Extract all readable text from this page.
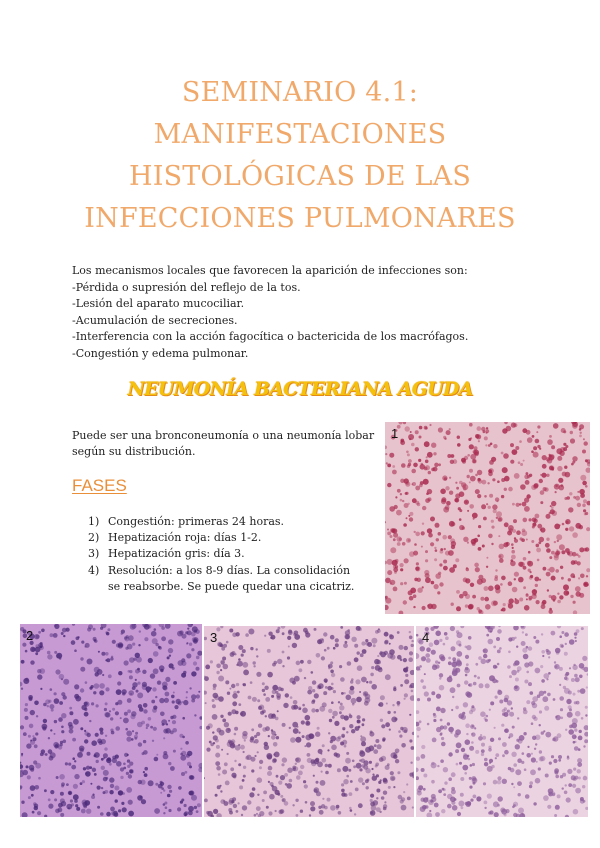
SEMINARIO 4.1:
MANIFESTACIONES
HISTOLÓGICAS DE LAS
INFECCIONES PULMONARES
Los mecanismos locales que favorecen la aparición de infecciones son:
-Pérdida o supresión del reflejo de la tos.
-Lesión del aparato mucociliar.
-Acumulación de secreciones.
-Interferencia con la acción fagocítica o bactericida de los macrófagos.
-Congestión y edema pulmonar.
NEUMONÍA BACTERIANA AGUDA
Puede ser una bronconeumonía o una neumonía lobar
según su distribución.
FASES
1) Congestión: primeras 24 horas.
2) Hepatización roja: días 1-2.
3) Hepatización gris: día 3.
4) Resolución: a los 8-9 días. La consolidación se reabsorbe. Se puede quedar una cicatriz.
1
2	3	4
